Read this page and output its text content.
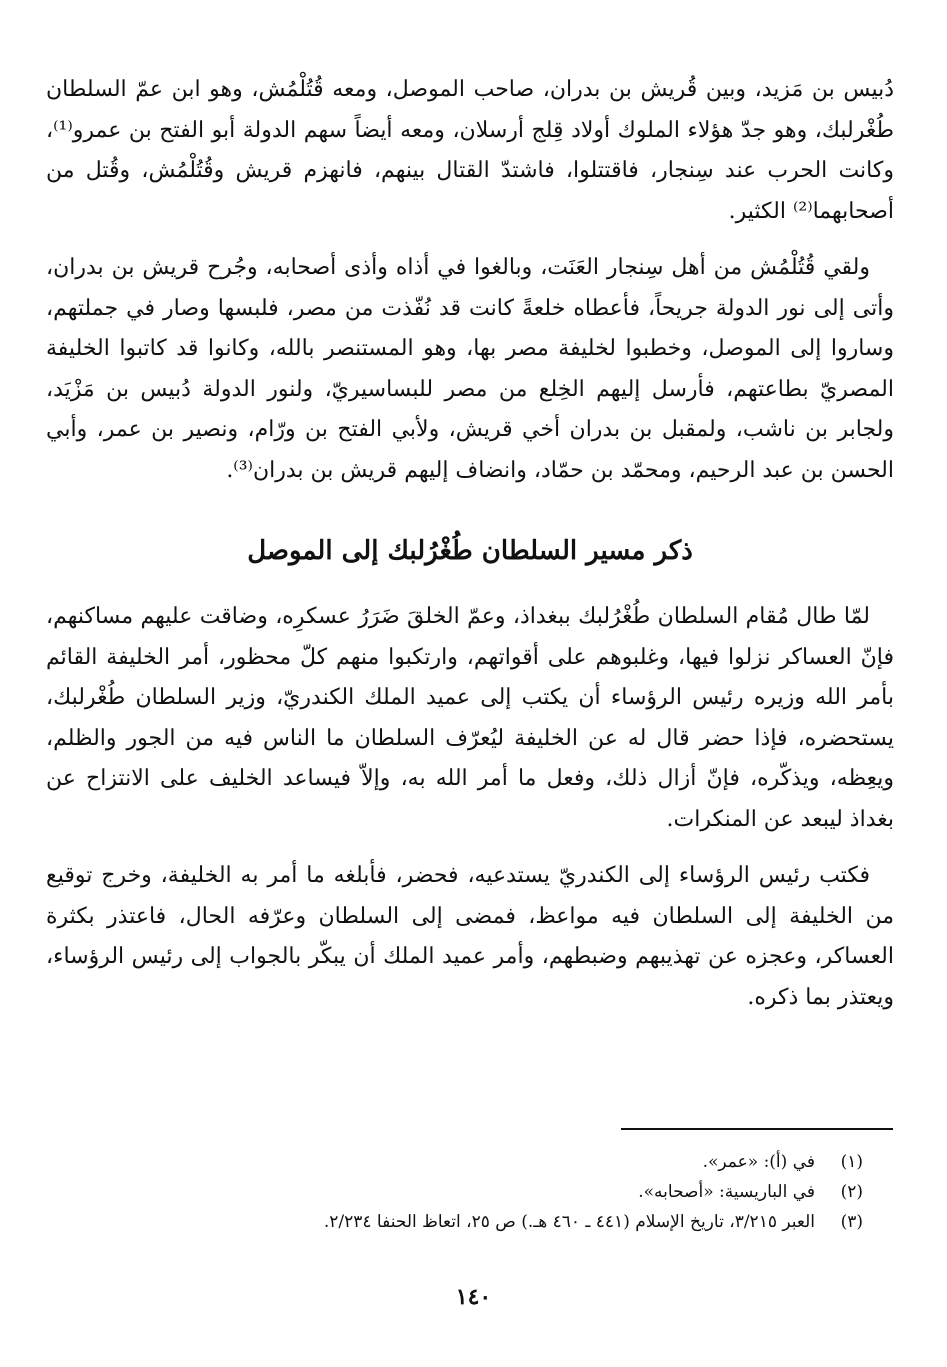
دُبيس بن مَزيد، وبين قُريش بن بدران، صاحب الموصل، ومعه قُتُلْمُش، وهو ابن عمّ السلطان طُغْرلبك، وهو جدّ هؤلاء الملوك أولاد قِلج أرسلان، ومعه أيضاً سهم الدولة أبو الفتح بن عمرو⁽¹⁾، وكانت الحرب عند سِنجار، فاقتتلوا، فاشتدّ القتال بينهم، فانهزم قريش وقُتُلْمُش، وقُتل من أصحابهما⁽²⁾ الكثير.

ولقي قُتُلْمُش من أهل سِنجار العَنَت، وبالغوا في أذاه وأذى أصحابه، وجُرح قريش بن بدران، وأتى إلى نور الدولة جريحاً، فأعطاه خلعةً كانت قد نُفّذت من مصر، فلبسها وصار في جملتهم، وساروا إلى الموصل، وخطبوا لخليفة مصر بها، وهو المستنصر بالله، وكانوا قد كاتبوا الخليفة المصريّ بطاعتهم، فأرسل إليهم الخِلع من مصر للبساسيريّ، ولنور الدولة دُبيس بن مَزْيَد، ولجابر بن ناشب، ولمقبل بن بدران أخي قريش، ولأبي الفتح بن ورّام، ونصير بن عمر، وأبي الحسن بن عبد الرحيم، ومحمّد بن حمّاد، وانضاف إليهم قريش بن بدران⁽³⁾.

ذكر مسير السلطان طُغْرُلبك إلى الموصل

لمّا طال مُقام السلطان طُغْرُلبك ببغداذ، وعمّ الخلقَ ضَرَرُ عسكرِه، وضاقت عليهم مساكنهم، فإنّ العساكر نزلوا فيها، وغلبوهم على أقواتهم، وارتكبوا منهم كلّ محظور، أمر الخليفة القائم بأمر الله وزيره رئيس الرؤساء أن يكتب إلى عميد الملك الكندريّ، وزير السلطان طُغْرلبك، يستحضره، فإذا حضر قال له عن الخليفة ليُعرّف السلطان ما الناس فيه من الجور والظلم، ويعِظه، ويذكّره، فإنّ أزال ذلك، وفعل ما أمر الله به، وإلاّ فيساعد الخليف على الانتزاح عن بغداذ ليبعد عن المنكرات.

فكتب رئيس الرؤساء إلى الكندريّ يستدعيه، فحضر، فأبلغه ما أمر به الخليفة، وخرج توقيع من الخليفة إلى السلطان فيه مواعظ، فمضى إلى السلطان وعرّفه الحال، فاعتذر بكثرة العساكر، وعجزه عن تهذيبهم وضبطهم، وأمر عميد الملك أن يبكّر بالجواب إلى رئيس الرؤساء، ويعتذر بما ذكره.

(١)
في (أ): «عمر».
(٢)
في الباريسية: «أصحابه».
(٣)
العبر ٣/٢١٥، تاريخ الإسلام (٤٤١ ـ ٤٦٠ هـ.) ص ٢٥، اتعاظ الحنفا ٢/٢٣٤.
١٤٠
